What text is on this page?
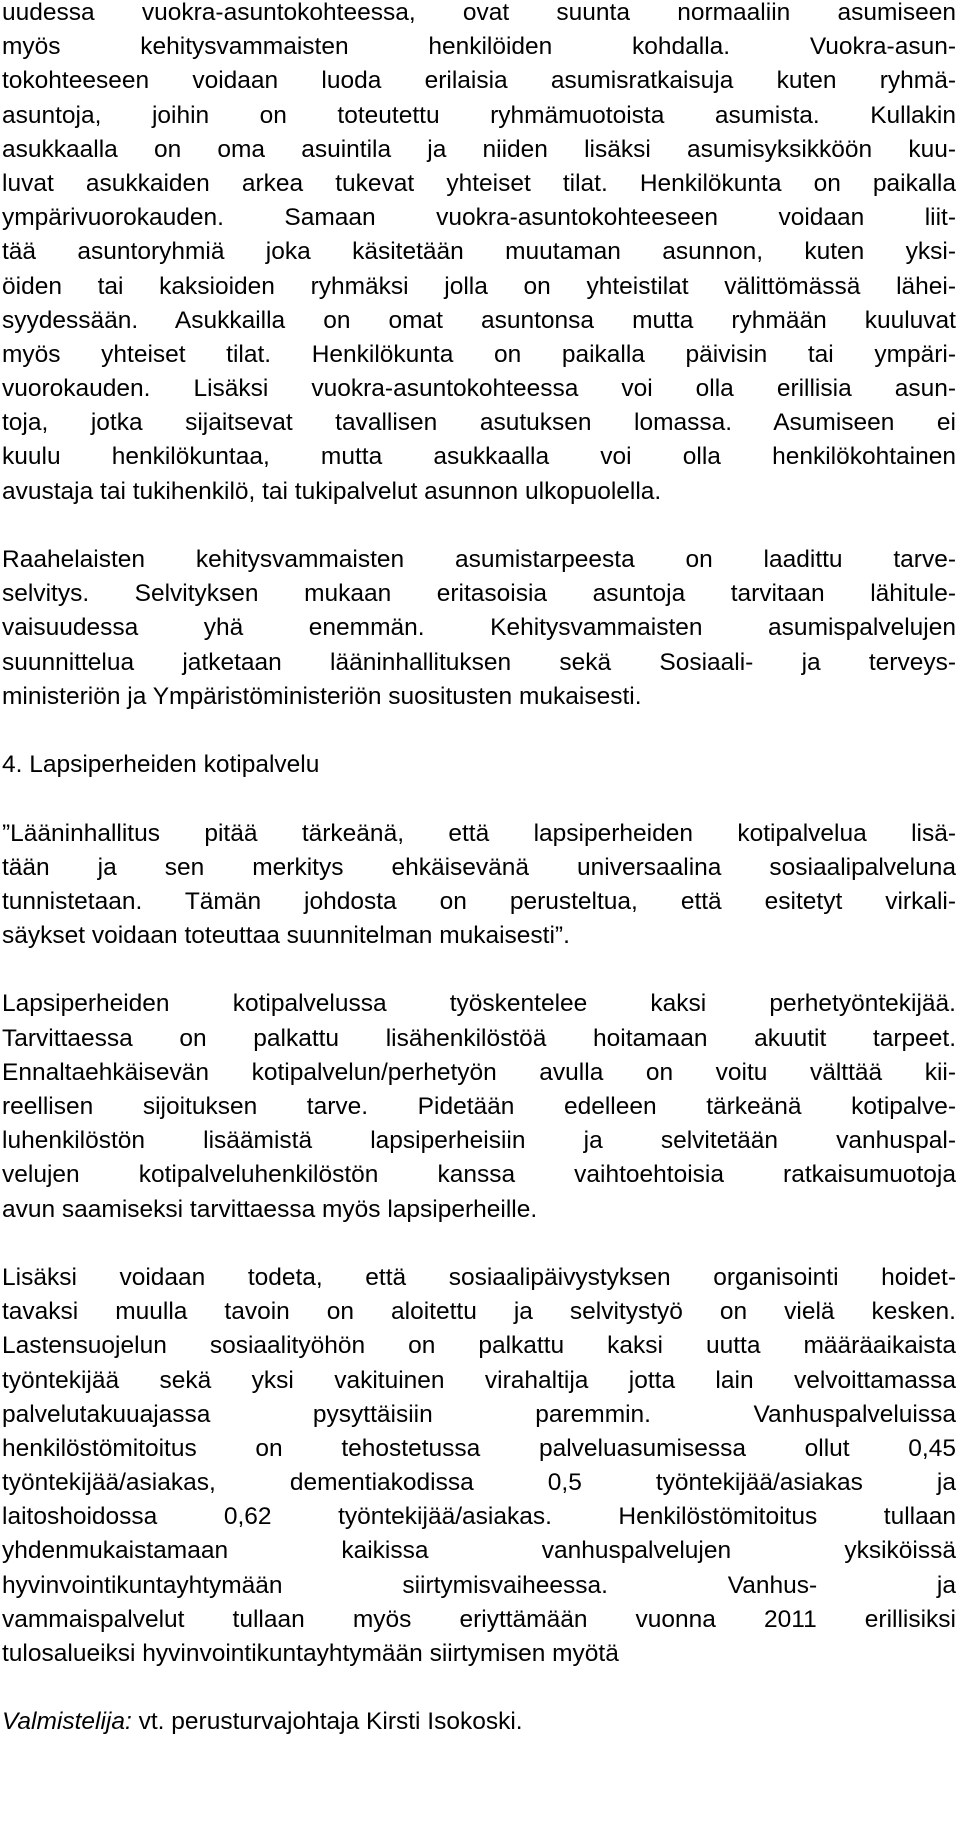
uudessa vuokra-asuntokohteessa, ovat suunta normaaliin asumiseen
myös kehitysvammaisten henkilöiden kohdalla. Vuokra-asun-
tokohteeseen voidaan luoda erilaisia asumisratkaisuja kuten ryhmä-
asuntoja, joihin on toteutettu ryhmämuotoista asumista. Kullakin
asukkaalla on oma asuintila ja niiden lisäksi asumisyksikköön kuu-
luvat asukkaiden arkea tukevat yhteiset tilat. Henkilökunta on paikalla
ympärivuorokauden. Samaan vuokra-asuntokohteeseen voidaan liit-
tää asuntoryhmiä joka käsitetään muutaman asunnon, kuten yksi-
öiden tai kaksioiden ryhmäksi jolla on yhteistilat välittömässä lähei-
syydessään. Asukkailla on omat asuntonsa mutta ryhmään kuuluvat
myös yhteiset tilat. Henkilökunta on paikalla päivisin tai ympäri-
vuorokauden. Lisäksi vuokra-asuntokohteessa voi olla erillisia asun-
toja, jotka sijaitsevat tavallisen asutuksen lomassa. Asumiseen ei
kuulu henkilökuntaa, mutta asukkaalla voi olla henkilökohtainen
avustaja tai tukihenkilö, tai tukipalvelut asunnon ulkopuolella.
Raahelaisten kehitysvammaisten asumistarpeesta on laadittu tarve-
selvitys. Selvityksen mukaan eritasoisia asuntoja tarvitaan lähitule-
vaisuudessa yhä enemmän. Kehitysvammaisten asumispalvelujen
suunnittelua jatketaan lääninhallituksen sekä Sosiaali- ja terveys-
ministeriön ja Ympäristöministeriön suositusten mukaisesti.
4. Lapsiperheiden kotipalvelu
”Lääninhallitus pitää tärkeänä, että lapsiperheiden kotipalvelua lisä-
tään ja sen merkitys ehkäisevänä universaalina sosiaalipalveluna
tunnistetaan. Tämän johdosta on perusteltua, että esitetyt virkali-
säykset voidaan toteuttaa suunnitelman mukaisesti”.
Lapsiperheiden kotipalvelussa työskentelee kaksi perhetyöntekijää.
Tarvittaessa on palkattu lisähenkilöstöä hoitamaan akuutit tarpeet.
Ennaltaehkäisevän kotipalvelun/perhetyön avulla on voitu välttää kii-
reellisen sijoituksen tarve. Pidetään edelleen tärkeänä kotipalve-
luhenkilöstön lisäämistä lapsiperheisiin ja selvitetään vanhuspal-
velujen kotipalveluhenkilöstön kanssa vaihtoehtoisia ratkaisumuotoja
avun saamiseksi tarvittaessa myös lapsiperheille.
Lisäksi voidaan todeta, että sosiaalipäivystyksen organisointi hoidet-
tavaksi muulla tavoin on aloitettu ja selvitystyö on vielä kesken.
Lastensuojelun sosiaalityöhön on palkattu kaksi uutta määräaikaista
työntekijää sekä yksi vakituinen virahaltija jotta lain velvoittamassa
palvelutakuuajassa pysyttäisiin paremmin. Vanhuspalveluissa
henkilöstömitoitus on tehostetussa palveluasumisessa ollut 0,45
työntekijää/asiakas, dementiakodissa 0,5 työntekijää/asiakas ja
laitoshoidossa 0,62 työntekijää/asiakas. Henkilöstömitoitus tullaan
yhdenmukaistamaan kaikissa vanhuspalvelujen yksiköissä
hyvinvointikuntayhtymään siirtymisvaiheessa. Vanhus- ja
vammaispalvelut tullaan myös eriyttämään vuonna 2011 erillisiksi
tulosalueiksi hyvinvointikuntayhtymään siirtymisen myötä
Valmistelija: vt. perusturvajohtaja Kirsti Isokoski.
